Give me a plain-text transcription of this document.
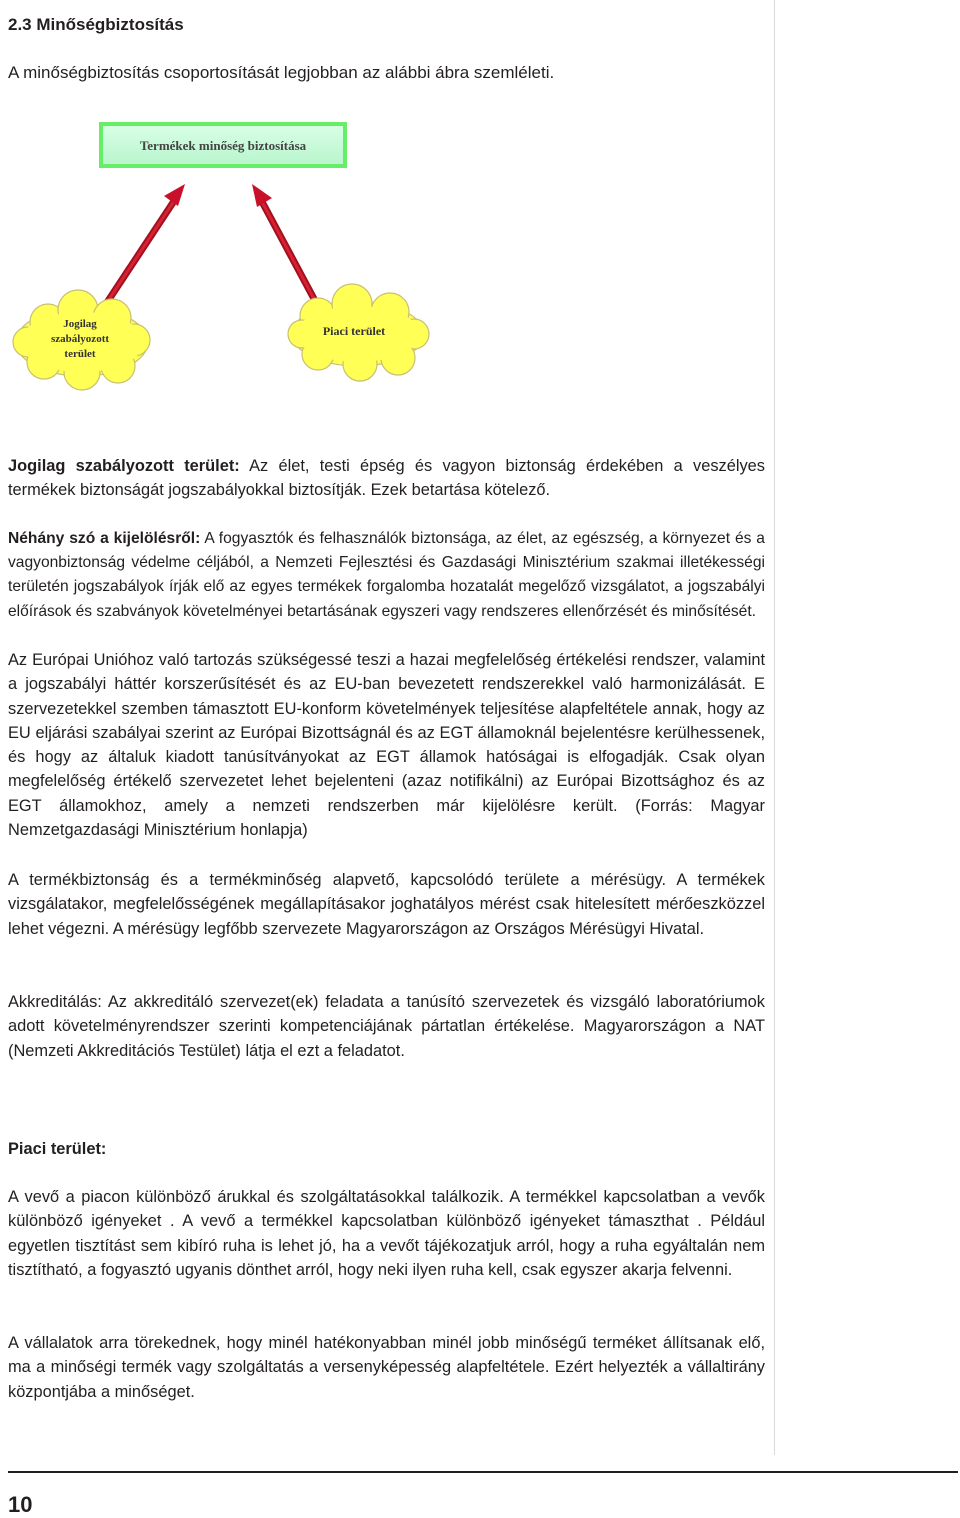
2.3 Minőségbiztosítás
A minőségbiztosítás csoportosítását legjobban az alábbi ábra szemléleti.
Termékek minőség biztosítása
Jogilag
szabályozott
terület
Piaci terület

Jogilag szabályozott terület: Az élet, testi épség és vagyon biztonság érdekében a veszélyes termékek biztonságát jogszabályokkal biztosítják. Ezek betartása kötelező.

Néhány szó a kijelölésről: A fogyasztók és felhasználók biztonsága, az élet, az egészség, a környezet és a vagyonbiztonság védelme céljából, a Nemzeti Fejlesztési és Gazdasági Minisztérium szakmai illetékességi területén jogszabályok írják elő az egyes termékek forgalomba hozatalát megelőző vizsgálatot, a jogszabályi előírások és szabványok követelményei betartásának egyszeri vagy rendszeres ellenőrzését és minősítését.

Az Európai Unióhoz való tartozás szükségessé teszi a hazai megfelelőség értékelési rendszer, valamint a jogszabályi háttér korszerűsítését és az EU-ban bevezetett rendszerekkel való harmonizálását. E szervezetekkel szemben támasztott EU-konform követelmények teljesítése alapfeltétele annak, hogy az EU eljárási szabályai szerint az Európai Bizottságnál és az EGT államoknál bejelentésre kerülhessenek, és hogy az általuk kiadott tanúsítványokat az EGT államok hatóságai is elfogadják. Csak olyan megfelelőség értékelő szervezetet lehet bejelenteni (azaz notifikálni) az Európai Bizottsághoz és az EGT államokhoz, amely a nemzeti rendszerben már kijelölésre került. (Forrás: Magyar Nemzetgazdasági Minisztérium honlapja)

A termékbiztonság és a termékminőség alapvető, kapcsolódó területe a mérésügy. A termékek vizsgálatakor, megfelelősségének megállapításakor joghatályos mérést csak hitelesített mérőeszközzel lehet végezni. A mérésügy legfőbb szervezete Magyarországon az Országos Mérésügyi Hivatal.

Akkreditálás: Az akkreditáló szervezet(ek) feladata a tanúsító szervezetek és vizsgáló laboratóriumok adott követelményrendszer szerinti kompetenciájának pártatlan értékelése. Magyarországon a NAT (Nemzeti Akkreditációs Testület) látja el ezt a feladatot.

Piaci terület:

A vevő a piacon különböző árukkal és szolgáltatásokkal találkozik. A termékkel kapcsolatban a vevők különböző igényeket . A vevő a termékkel kapcsolatban különböző igényeket támaszthat . Például egyetlen tisztítást sem kibíró ruha is lehet jó, ha a vevőt tájékozatjuk arról, hogy a ruha egyáltalán nem tisztítható, a fogyasztó ugyanis dönthet arról, hogy neki ilyen ruha kell, csak egyszer akarja felvenni.

A vállalatok arra törekednek, hogy minél hatékonyabban minél jobb minőségű terméket állítsanak elő, ma a minőségi termék vagy szolgáltatás a versenyképesség alapfeltétele. Ezért helyezték a vállaltirány központjába a minőséget.

10
